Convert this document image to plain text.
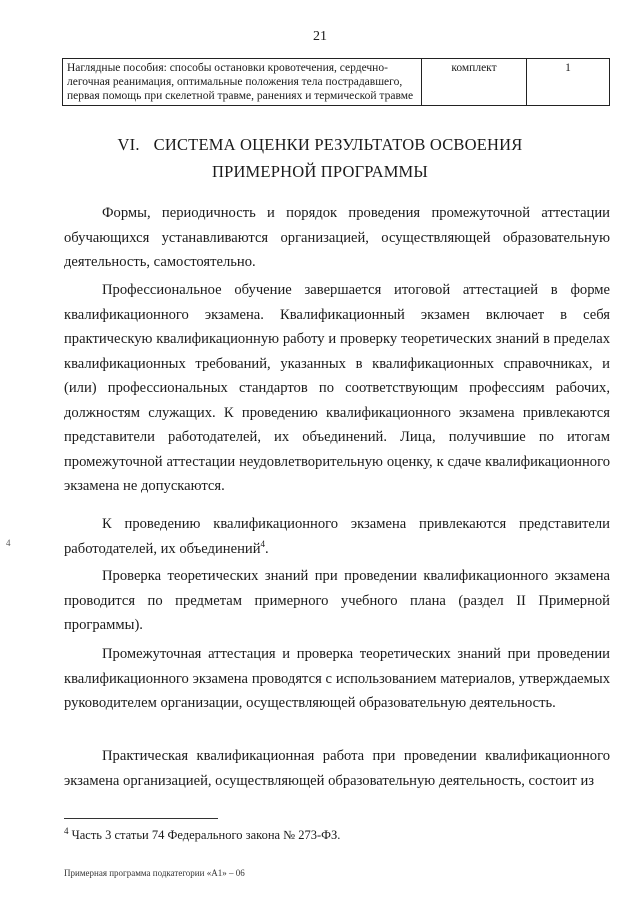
21
Наглядные пособия: способы остановки кровотечения, сердечно-легочная реанимация, оптимальные положения тела пострадавшего, первая помощь при скелетной травме, ранениях и термической травме	комплект	1
VI. СИСТЕМА ОЦЕНКИ РЕЗУЛЬТАТОВ ОСВОЕНИЯ
ПРИМЕРНОЙ ПРОГРАММЫ

Формы, периодичность и порядок проведения промежуточной аттестации обучающихся устанавливаются организацией, осуществляющей образовательную деятельность, самостоятельно.

Профессиональное обучение завершается итоговой аттестацией в форме квалификационного экзамена. Квалификационный экзамен включает в себя практическую квалификационную работу и проверку теоретических знаний в пределах квалификационных требований, указанных в квалификационных справочниках, и (или) профессиональных стандартов по соответствующим профессиям рабочих, должностям служащих. К проведению квалификационного экзамена привлекаются представители работодателей, их объединений. Лица, получившие по итогам промежуточной аттестации неудовлетворительную оценку, к сдаче квалификационного экзамена не допускаются.

К проведению квалификационного экзамена привлекаются представители работодателей, их объединений$^4$.

Проверка теоретических знаний при проведении квалификационного экзамена проводится по предметам примерного учебного плана (раздел II Примерной программы).

Промежуточная аттестация и проверка теоретических знаний при проведении квалификационного экзамена проводятся с использованием материалов, утверждаемых руководителем организации, осуществляющей образовательную деятельность.

Практическая квалификационная работа при проведении квалификационного экзамена организацией, осуществляющей образовательную деятельность, состоит из

4
$^4$ Часть 3 статьи 74 Федерального закона № 273-ФЗ.
Примерная программа подкатегории «А1» – 06
